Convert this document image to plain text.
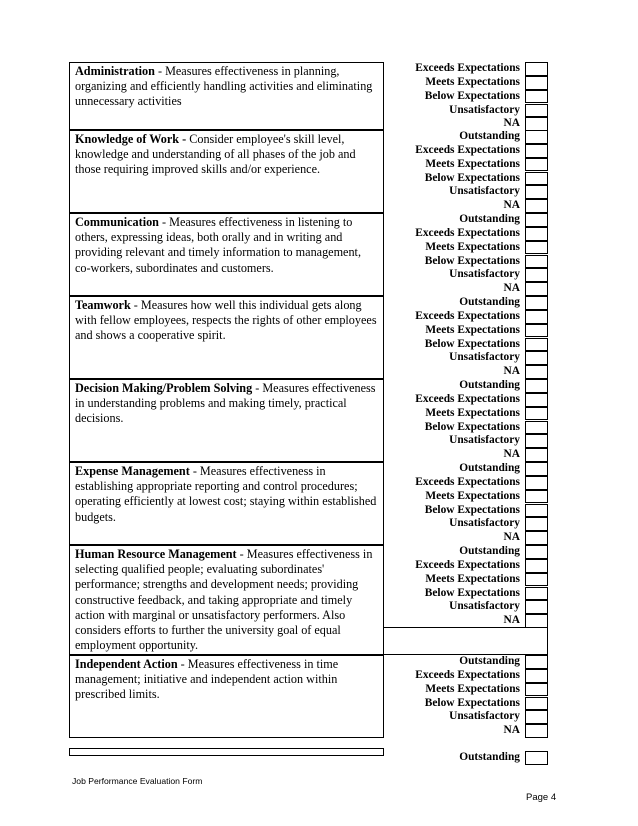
Administration - Measures effectiveness in planning, organizing and efficiently handling activities and eliminating unnecessary activities
Exceeds Expectations
Meets Expectations
Below Expectations
Unsatisfactory
NA
Knowledge of Work - Consider employee's skill level, knowledge and understanding of all phases of the job and those requiring improved skills and/or experience.
Outstanding
Exceeds Expectations
Meets Expectations
Below Expectations
Unsatisfactory
NA
Communication - Measures effectiveness in listening to others, expressing ideas, both orally and in writing and providing relevant and timely information to management, co-workers, subordinates and customers.
Outstanding
Exceeds Expectations
Meets Expectations
Below Expectations
Unsatisfactory
NA
Teamwork - Measures how well this individual gets along with fellow employees, respects the rights of other employees and shows a cooperative spirit.
Outstanding
Exceeds Expectations
Meets Expectations
Below Expectations
Unsatisfactory
NA
Decision Making/Problem Solving - Measures effectiveness in understanding problems and making timely, practical decisions.
Outstanding
Exceeds Expectations
Meets Expectations
Below Expectations
Unsatisfactory
NA
Expense Management - Measures effectiveness in establishing appropriate reporting and control procedures; operating efficiently at lowest cost; staying within established budgets.
Outstanding
Exceeds Expectations
Meets Expectations
Below Expectations
Unsatisfactory
NA
Human Resource Management - Measures effectiveness in selecting qualified people; evaluating subordinates' performance; strengths and development needs; providing constructive feedback, and taking appropriate and timely action with marginal or unsatisfactory performers. Also considers efforts to further the university goal of equal employment opportunity.
Outstanding
Exceeds Expectations
Meets Expectations
Below Expectations
Unsatisfactory
NA
Independent Action - Measures effectiveness in time management; initiative and independent action within prescribed limits.
Outstanding
Exceeds Expectations
Meets Expectations
Below Expectations
Unsatisfactory
NA
Outstanding
Job Performance Evaluation Form
Page 4
